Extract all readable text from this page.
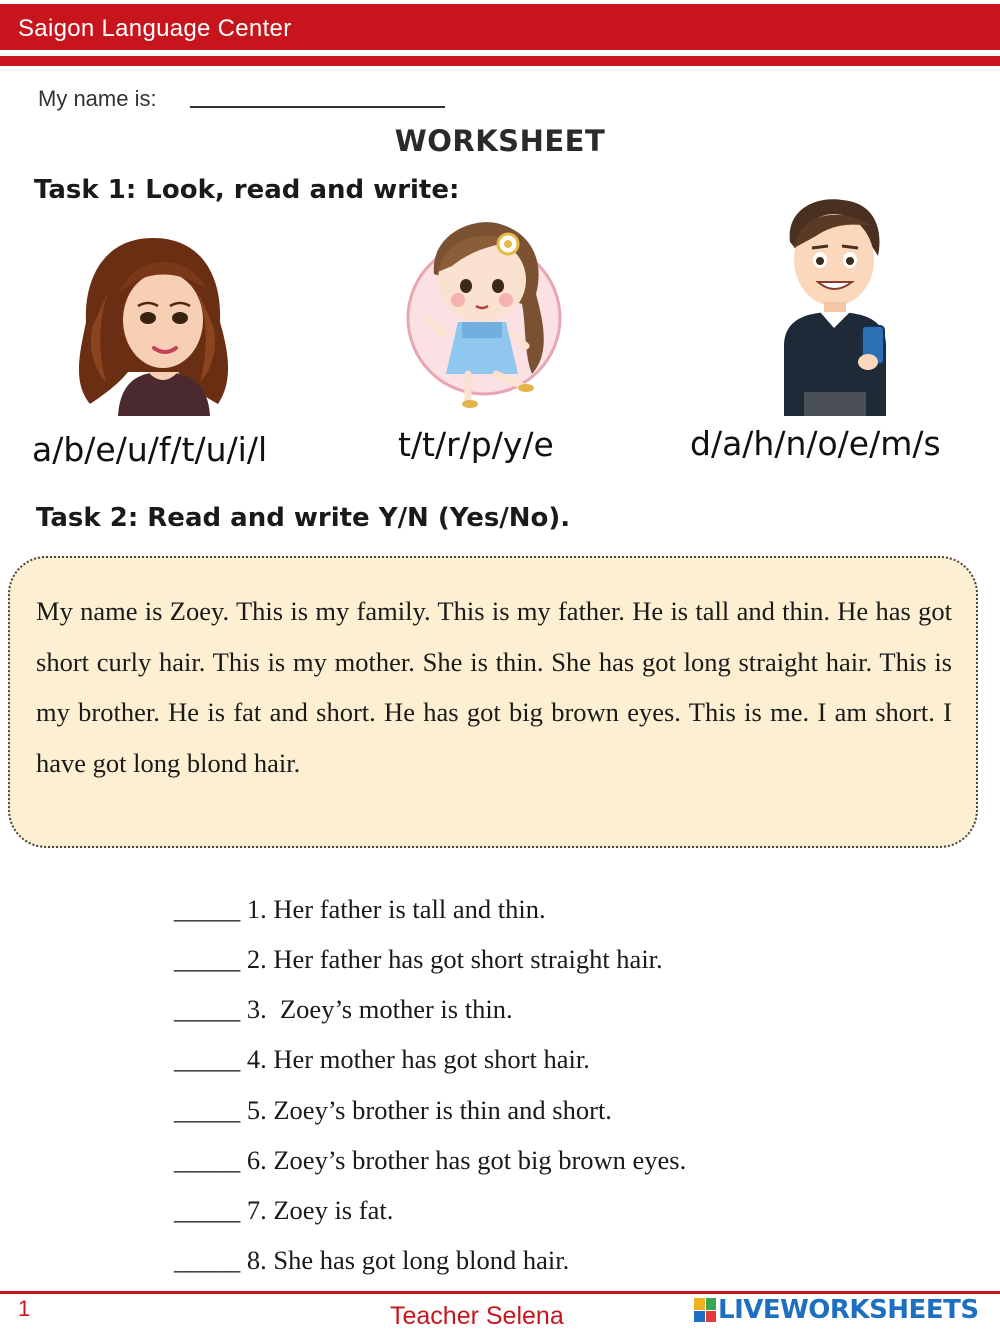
Saigon Language Center
My name is:
WORKSHEET
Task 1: Look, read and write:
a/b/e/u/f/t/u/i/l	t/t/r/p/y/e	d/a/h/n/o/e/m/s
Task 2: Read and write Y/N (Yes/No).

My name is Zoey. This is my family. This is my father. He is tall and thin. He has got short curly hair. This is my mother. She is thin. She has got long straight hair. This is my brother. He is fat and short. He has got big brown eyes. This is me. I am short. I have got long blond hair.

_____ 1. Her father is tall and thin.
_____ 2. Her father has got short straight hair.
_____ 3.  Zoey’s mother is thin.
_____ 4. Her mother has got short hair.
_____ 5. Zoey’s brother is thin and short.
_____ 6. Zoey’s brother has got big brown eyes.
_____ 7. Zoey is fat.
_____ 8. She has got long blond hair.
1	Teacher Selena	LIVEWORKSHEETS
